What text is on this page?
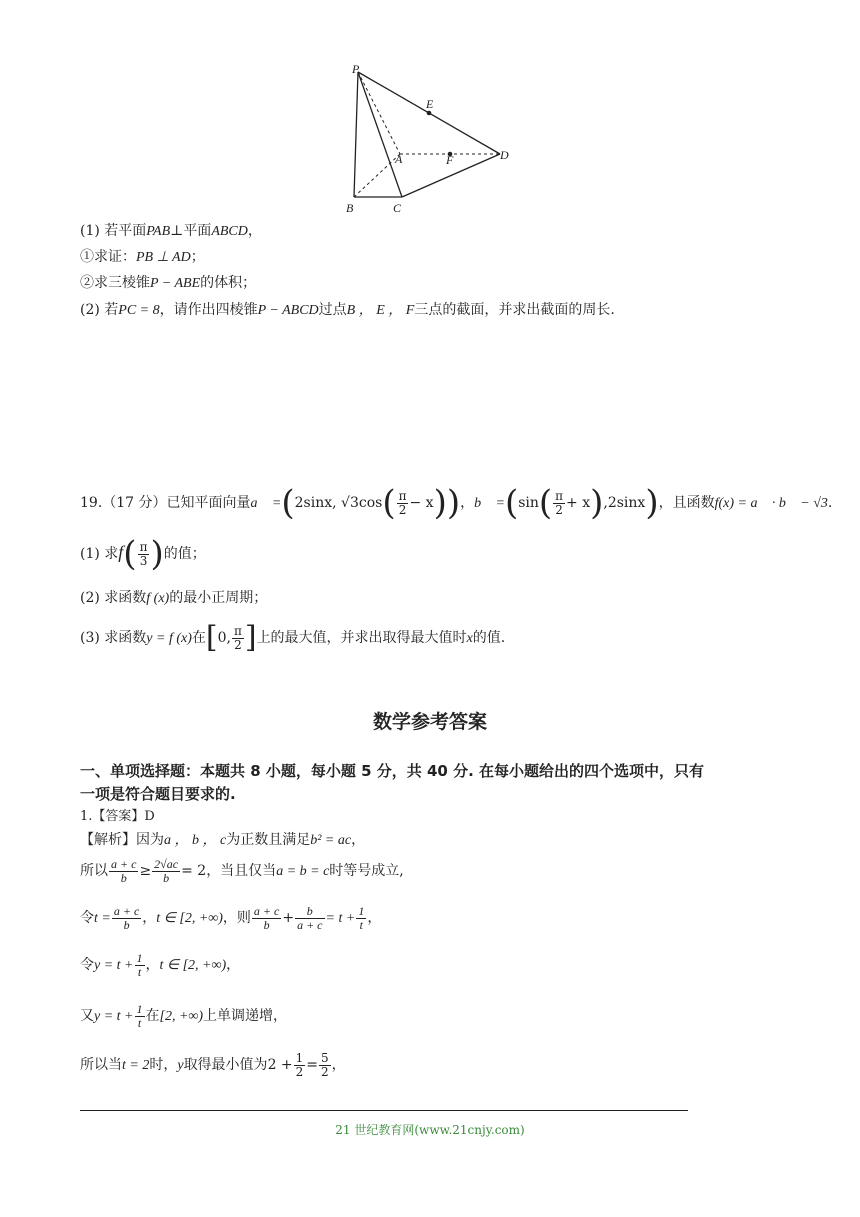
P
E
A	F	D
B	C
(1) 若平面PAB⊥平面ABCD，
①求证：PB ⊥ AD；
②求三棱锥P − ABE的体积；
(2) 若PC = 8，请作出四棱锥P − ABCD过点B ， E ， F三点的截面，并求出截面的周长.
19.（17 分）已知平面向量a⃗ =(2sinx, $√3\cos( \frac{\pi}{2} - x)$)，b⃗ $=(\sin( \frac{\pi}{2} + x),2\sin x)$，且函数f(x) = a⃗ · b⃗ − √3.
(1) 求$f( \frac{\pi}{3}$ )的值；
(2) 求函数f (x)的最小正周期；
(3) 求函数y = f (x)在[0, $\frac{\pi}{2}$ ]上的最大值，并求出取得最大值时x的值.
数学参考答案
一、单项选择题：本题共 8 小题，每小题 5 分，共 40 分. 在每小题给出的四个选项中，只有
一项是符合题目要求的.
1.【答案】D
【解析】因为a ， b ， c为正数且满足b² = ac，
所以 $\frac{a + c}{b} \ge \frac{2√ac}{b} = 2$，当且仅当a = b = c时等号成立,
令$t = \frac{a + c}{b}$ ，t ∈ [2, +∞)，则 $\frac{a + c}{b} + \frac{b}{a + c} = t + \frac{1}{t}$ ，
令$y = t + \frac{1}{t}$ ，t ∈ [2, +∞)，
又$y = t + \frac{1}{t}$ 在[2, +∞)上单调递增，
所以当t = 2时，y取得最小值为$2 + \frac{1}{2} = \frac{5}{2}$ ，
21 世纪教育网(www.21cnjy.com)
